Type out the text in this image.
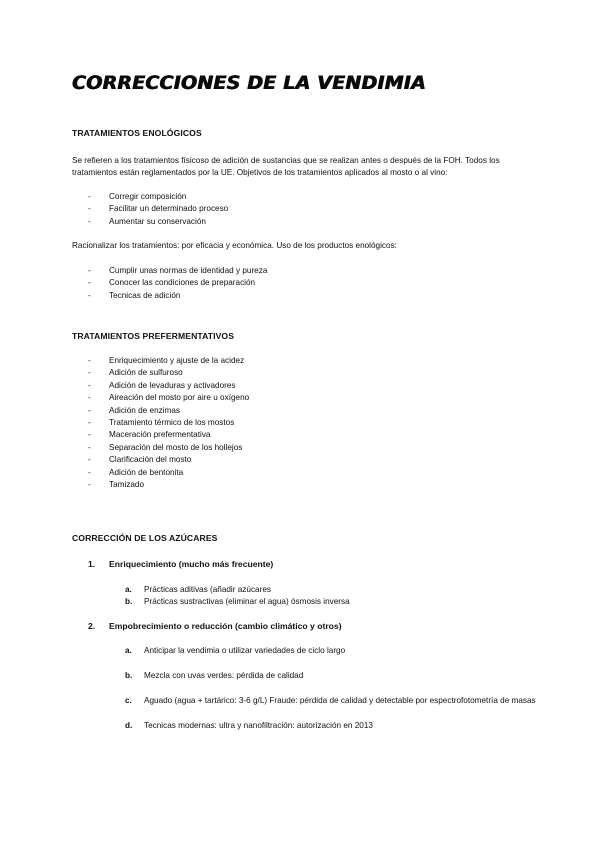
CORRECCIONES DE LA VENDIMIA
TRATAMIENTOS ENOLÓGICOS
Se refieren a los tratamientos físicoso de adición de sustancias que se realizan antes o después de la FOH. Todos los tratamientos están reglamentados por la UE. Objetivos de los tratamientos aplicados al mosto o al vino:
- Corregir composición
- Facilitar un determinado proceso
- Aumentar su conservación
Racionalizar los tratamientos: por eficacia y económica. Uso de los productos enológicos:
- Cumplir unas normas de identidad y pureza
- Conocer las condiciones de preparación
- Tecnicas de adición
TRATAMIENTOS PREFERMENTATIVOS
- Enriquecimiento y ajuste de la acidez
- Adición de sulfuroso
- Adición de levaduras y activadores
- Aireación del mosto por aire u oxígeno
- Adición de enzimas
- Tratamiento térmico de los mostos
- Maceración prefermentativa
- Separación del mosto de los hollejos
- Clarificación del mosto
- Adición de bentonita
- Tamizado
CORRECCIÓN DE LOS AZÚCARES
1. Enriquecimiento (mucho más frecuente)
a. Prácticas aditivas (añadir azúcares
b. Prácticas sustractivas (eliminar el agua) ósmosis inversa
2. Empobrecimiento o reducción (cambio climático y otros)
a. Anticipar la vendimia o utilizar variedades de ciclo largo
b. Mezcla con uvas verdes: pérdida de calidad
c. Aguado (agua + tartárico: 3-6 g/L) Fraude: pérdida de calidad y detectable por espectrofotometría de masas
d. Tecnicas modernas: ultra y nanofiltración: autorización en 2013
